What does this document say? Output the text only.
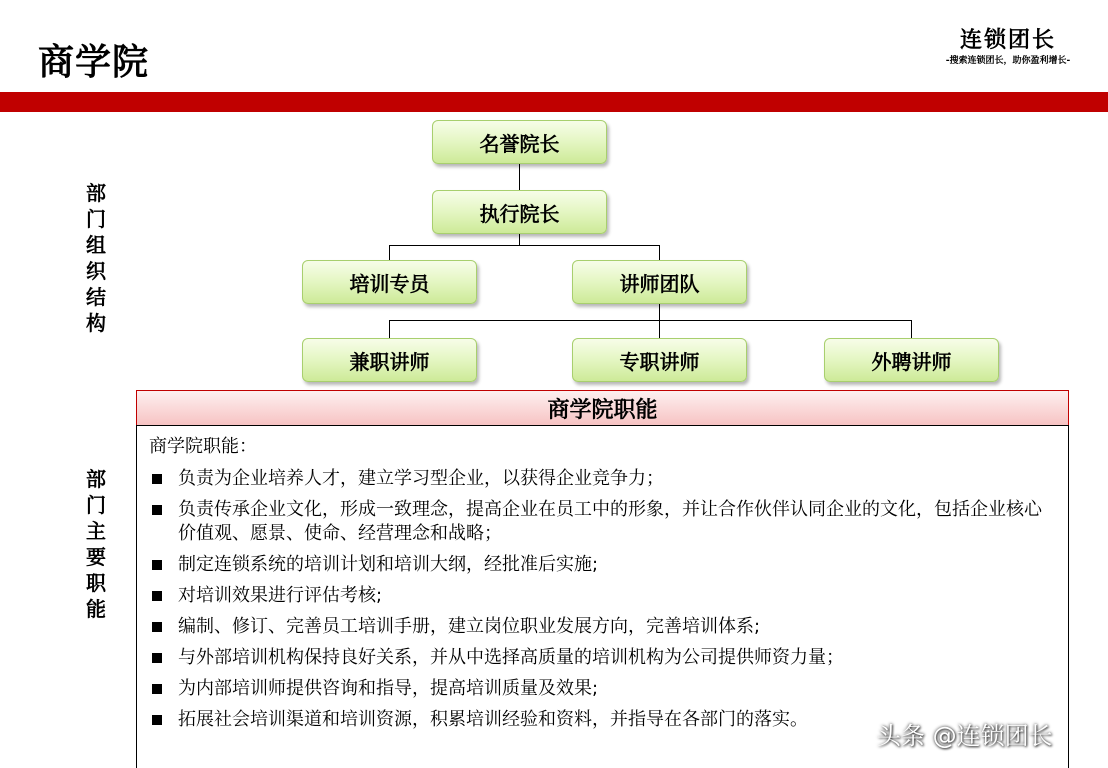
商学院
连锁团长
-搜索连锁团长，助你盈利增长-
部门组织结构
部门主要职能
名誉院长
执行院长
培训专员	讲师团队
兼职讲师	专职讲师	外聘讲师
商学院职能
商学院职能：
负责为企业培养人才，建立学习型企业，以获得企业竞争力；
负责传承企业文化，形成一致理念，提高企业在员工中的形象，并让合作伙伴认同企业的文化，包括企业核心价值观、愿景、使命、经营理念和战略；
制定连锁系统的培训计划和培训大纲，经批准后实施;
对培训效果进行评估考核;
编制、修订、完善员工培训手册，建立岗位职业发展方向，完善培训体系;
与外部培训机构保持良好关系，并从中选择高质量的培训机构为公司提供师资力量；
为内部培训师提供咨询和指导，提高培训质量及效果;
拓展社会培训渠道和培训资源，积累培训经验和资料，并指导在各部门的落实。
头条 @连锁团长
